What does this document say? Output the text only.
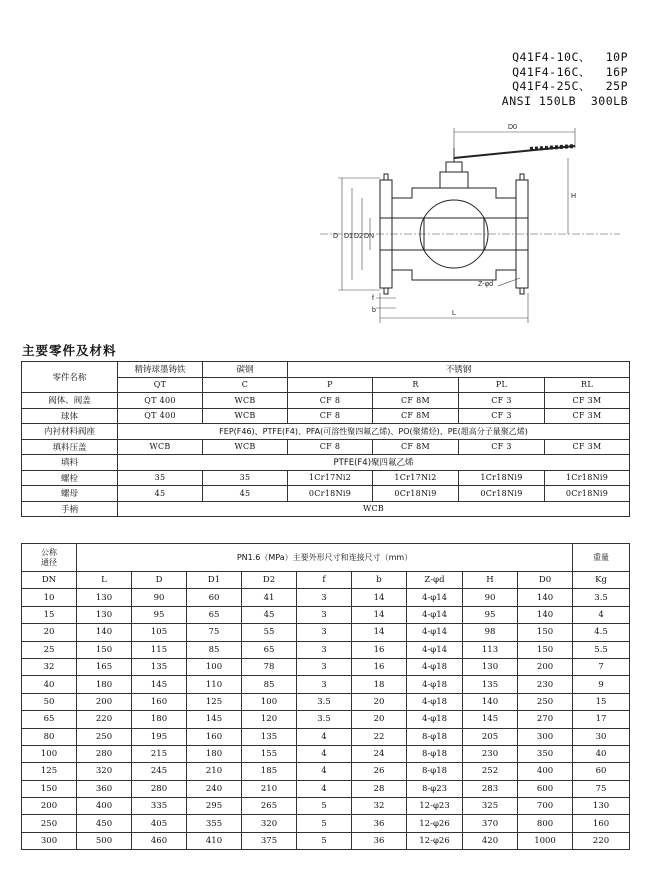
Q41F4-10C、  10P
Q41F4-16C、  16P
Q41F4-25C、  25P
ANSI 150LB  300LB
D0
H
D D1 D2 DN
Z-φd
f
b	L
主要零件及材料
零件名称	精铸球墨铸铁	碳钢	不锈钢			
	QT	C	P	R	PL	RL
阀体、阀盖	QT 400	WCB	CF 8	CF 8M	CF 3	CF 3M
球体	QT 400	WCB	CF 8	CF 8M	CF 3	CF 3M
内衬材料阀座	FEP(F46)、PTFE(F4)、PFA(可溶性聚四氟乙烯)、PO(聚烯烃)、PE(超高分子量聚乙烯)					
填料压盖	WCB	WCB	CF 8	CF 8M	CF 3	CF 3M
填料	PTFE(F4)聚四氟乙烯					
螺栓	35	35	1Cr17Ni2	1Cr17Ni2	1Cr18Ni9	1Cr18Ni9
螺母	45	45	0Cr18Ni9	0Cr18Ni9	0Cr18Ni9	0Cr18Ni9
手柄	WCB					
公称
通径	PN1.6（MPa）主要外形尺寸和连接尺寸（mm）									重量
DN	L	D	D1	D2	f	b	Z-φd	H	D0	Kg
10	130	90	60	41	3	14	4-φ14	90	140	3.5
15	130	95	65	45	3	14	4-φ14	95	140	4
20	140	105	75	55	3	14	4-φ14	98	150	4.5
25	150	115	85	65	3	16	4-φ14	113	150	5.5
32	165	135	100	78	3	16	4-φ18	130	200	7
40	180	145	110	85	3	18	4-φ18	135	230	9
50	200	160	125	100	3.5	20	4-φ18	140	250	15
65	220	180	145	120	3.5	20	4-φ18	145	270	17
80	250	195	160	135	4	22	8-φ18	205	300	30
100	280	215	180	155	4	24	8-φ18	230	350	40
125	320	245	210	185	4	26	8-φ18	252	400	60
150	360	280	240	210	4	28	8-φ23	283	600	75
200	400	335	295	265	5	32	12-φ23	325	700	130
250	450	405	355	320	5	36	12-φ26	370	800	160
300	500	460	410	375	5	36	12-φ26	420	1000	220
